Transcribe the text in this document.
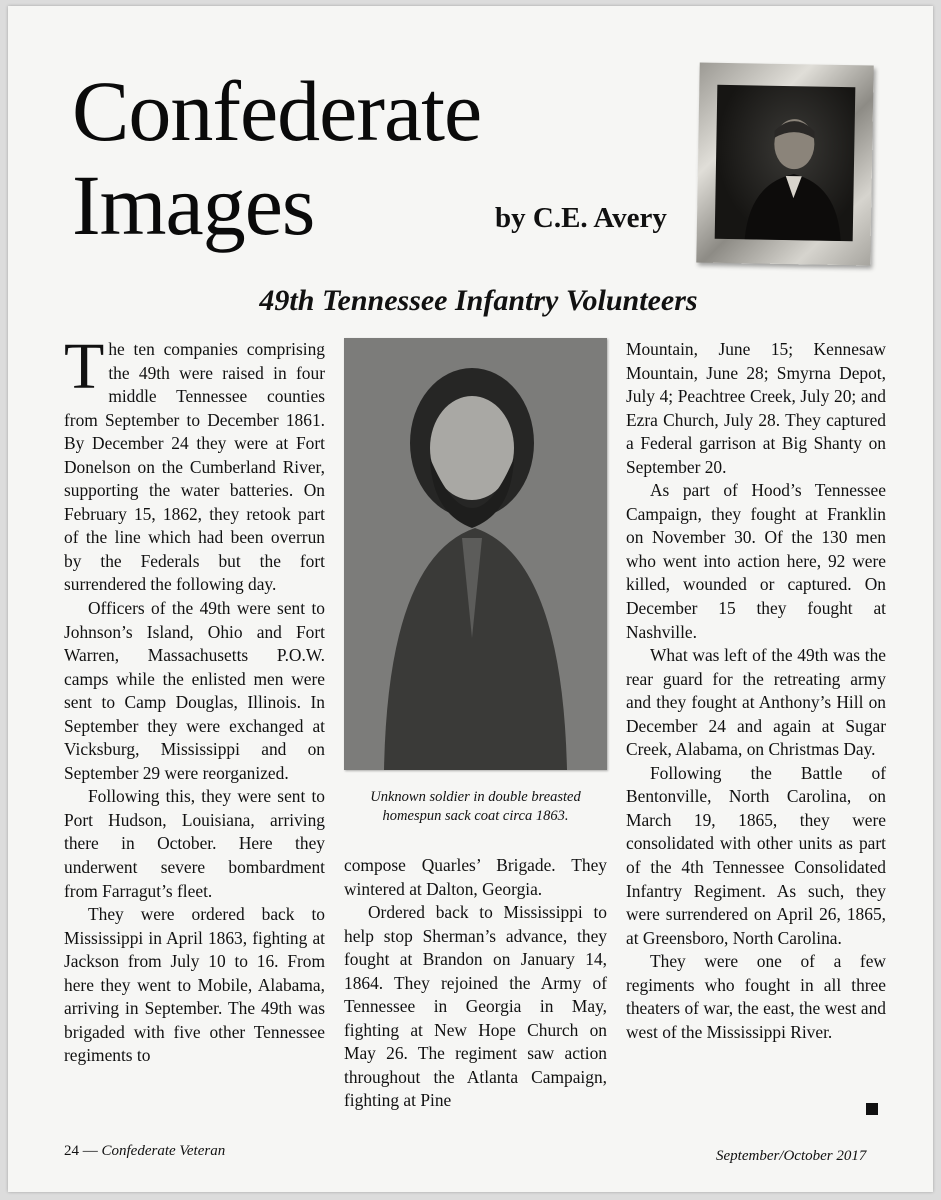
Confederate
Images	by C.E. Avery
49th Tennessee Infantry Volunteers

The ten companies comprising the 49th were raised in four middle Tennessee counties from September to December 1861. By December 24 they were at Fort Donelson on the Cumberland River, supporting the water batteries. On February 15, 1862, they retook part of the line which had been overrun by the Federals but the fort surrendered the following day.

Officers of the 49th were sent to Johnson’s Island, Ohio and Fort Warren, Massachusetts P.O.W. camps while the enlisted men were sent to Camp Douglas, Illinois. In September they were exchanged at Vicksburg, Mississippi and on September 29 were reorganized.

Following this, they were sent to Port Hudson, Louisiana, arriving there in October. Here they underwent severe bombardment from Farragut’s fleet.

They were ordered back to Mississippi in April 1863, fighting at Jackson from July 10 to 16. From here they went to Mobile, Alabama, arriving in September. The 49th was brigaded with five other Tennessee regiments to

Unknown soldier in double breasted
homespun sack coat circa 1863.

compose Quarles’ Brigade. They wintered at Dalton, Georgia.

Ordered back to Mississippi to help stop Sherman’s advance, they fought at Brandon on January 14, 1864. They rejoined the Army of Tennessee in Georgia in May, fighting at New Hope Church on May 26. The regiment saw action throughout the Atlanta Campaign, fighting at Pine

Mountain, June 15; Kennesaw Mountain, June 28; Smyrna Depot, July 4; Peachtree Creek, July 20; and Ezra Church, July 28. They captured a Federal garrison at Big Shanty on September 20.

As part of Hood’s Tennessee Campaign, they fought at Franklin on November 30. Of the 130 men who went into action here, 92 were killed, wounded or captured. On December 15 they fought at Nashville.

What was left of the 49th was the rear guard for the retreating army and they fought at Anthony’s Hill on December 24 and again at Sugar Creek, Alabama, on Christmas Day.

Following the Battle of Bentonville, North Carolina, on March 19, 1865, they were consolidated with other units as part of the 4th Tennessee Consolidated Infantry Regiment. As such, they were surrendered on April 26, 1865, at Greensboro, North Carolina.

They were one of a few regiments who fought in all three theaters of war, the east, the west and west of the Mississippi River.

24 — Confederate Veteran	September/October 2017
